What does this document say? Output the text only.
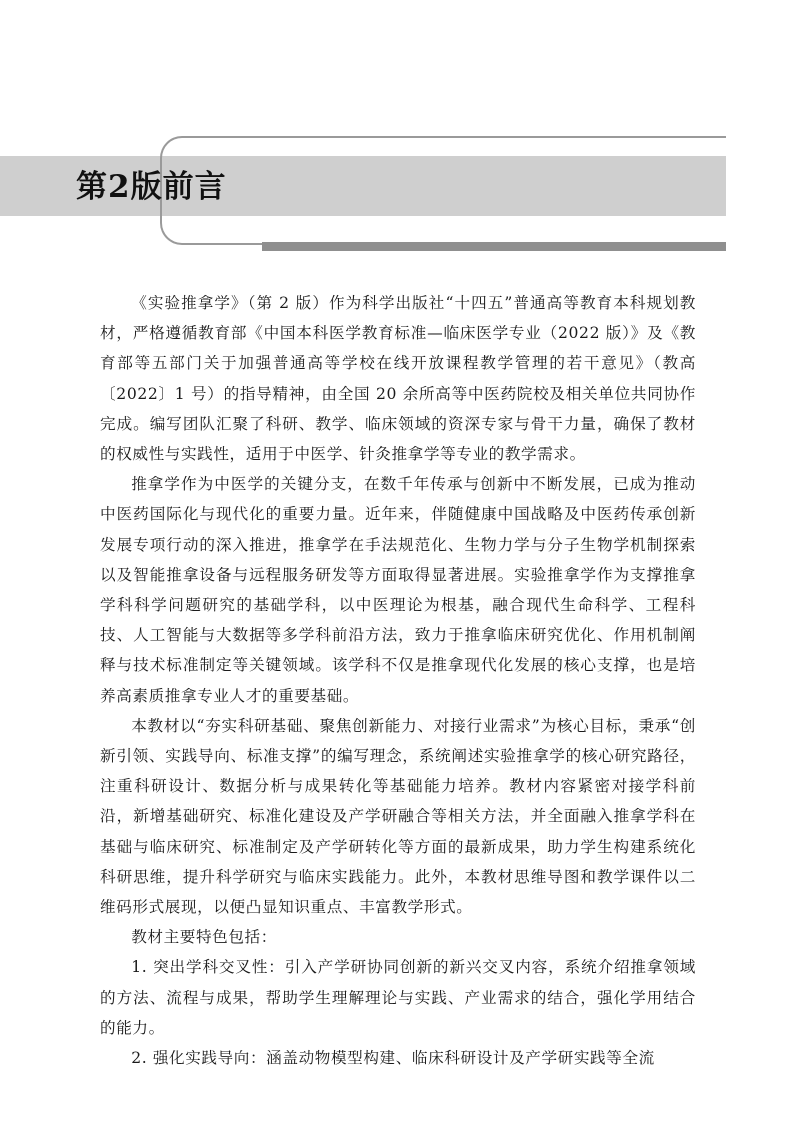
第2版前言

《实验推拿学》（第 2 版）作为科学出版社“十四五”普通高等教育本科规划教材，严格遵循教育部《中国本科医学教育标准—临床医学专业（2022 版）》及《教育部等五部门关于加强普通高等学校在线开放课程教学管理的若干意见》（教高〔2022〕1 号）的指导精神，由全国 20 余所高等中医药院校及相关单位共同协作完成。编写团队汇聚了科研、教学、临床领域的资深专家与骨干力量，确保了教材的权威性与实践性，适用于中医学、针灸推拿学等专业的教学需求。

推拿学作为中医学的关键分支，在数千年传承与创新中不断发展，已成为推动中医药国际化与现代化的重要力量。近年来，伴随健康中国战略及中医药传承创新发展专项行动的深入推进，推拿学在手法规范化、生物力学与分子生物学机制探索以及智能推拿设备与远程服务研发等方面取得显著进展。实验推拿学作为支撑推拿学科科学问题研究的基础学科，以中医理论为根基，融合现代生命科学、工程科技、人工智能与大数据等多学科前沿方法，致力于推拿临床研究优化、作用机制阐释与技术标准制定等关键领域。该学科不仅是推拿现代化发展的核心支撑，也是培养高素质推拿专业人才的重要基础。

本教材以“夯实科研基础、聚焦创新能力、对接行业需求”为核心目标，秉承“创新引领、实践导向、标准支撑”的编写理念，系统阐述实验推拿学的核心研究路径，注重科研设计、数据分析与成果转化等基础能力培养。教材内容紧密对接学科前沿，新增基础研究、标准化建设及产学研融合等相关方法，并全面融入推拿学科在基础与临床研究、标准制定及产学研转化等方面的最新成果，助力学生构建系统化科研思维，提升科学研究与临床实践能力。此外，本教材思维导图和教学课件以二维码形式展现，以便凸显知识重点、丰富教学形式。

教材主要特色包括：

1. 突出学科交叉性：引入产学研协同创新的新兴交叉内容，系统介绍推拿领域的方法、流程与成果，帮助学生理解理论与实践、产业需求的结合，强化学用结合的能力。

2. 强化实践导向：涵盖动物模型构建、临床科研设计及产学研实践等全流
